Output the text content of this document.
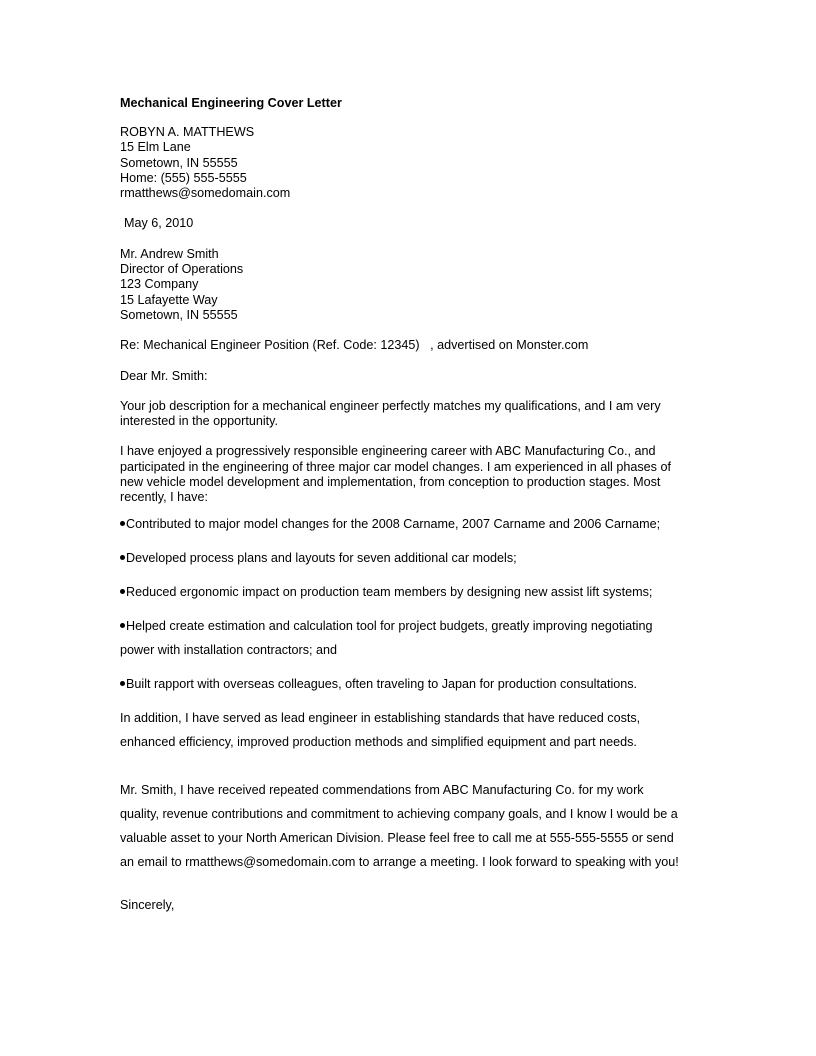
Mechanical Engineering Cover Letter
ROBYN A. MATTHEWS
15 Elm Lane
Sometown, IN 55555
Home: (555) 555-5555
rmatthews@somedomain.com
May 6, 2010
Mr. Andrew Smith
Director of Operations
123 Company
15 Lafayette Way
Sometown, IN 55555
Re: Mechanical Engineer Position (Ref. Code: 12345)   , advertised on Monster.com
Dear Mr. Smith:
Your job description for a mechanical engineer perfectly matches my qualifications, and I am very interested in the opportunity.
I have enjoyed a progressively responsible engineering career with ABC Manufacturing Co., and participated in the engineering of three major car model changes. I am experienced in all phases of new vehicle model development and implementation, from conception to production stages. Most recently, I have:
Contributed to major model changes for the 2008 Carname, 2007 Carname and 2006 Carname;
Developed process plans and layouts for seven additional car models;
Reduced ergonomic impact on production team members by designing new assist lift systems;
Helped create estimation and calculation tool for project budgets, greatly improving negotiating power with installation contractors; and
Built rapport with overseas colleagues, often traveling to Japan for production consultations.
In addition, I have served as lead engineer in establishing standards that have reduced costs, enhanced efficiency, improved production methods and simplified equipment and part needs.
Mr. Smith, I have received repeated commendations from ABC Manufacturing Co. for my work quality, revenue contributions and commitment to achieving company goals, and I know I would be a valuable asset to your North American Division. Please feel free to call me at 555-555-5555 or send an email to rmatthews@somedomain.com to arrange a meeting. I look forward to speaking with you!
Sincerely,
